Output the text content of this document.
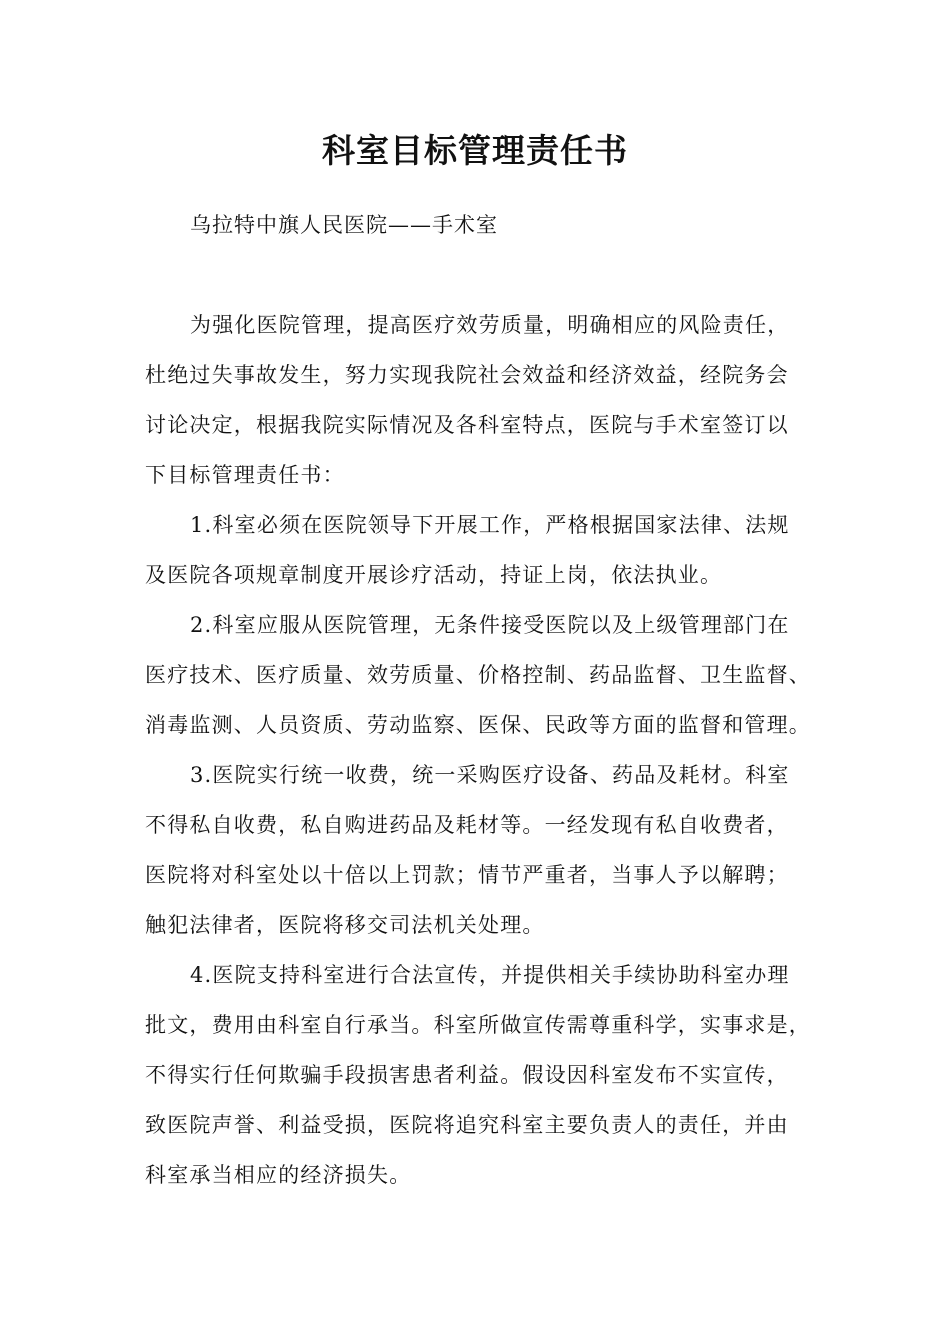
科室目标管理责任书

乌拉特中旗人民医院——手术室

为强化医院管理，提高医疗效劳质量，明确相应的风险责任，

杜绝过失事故发生，努力实现我院社会效益和经济效益，经院务会

讨论决定，根据我院实际情况及各科室特点，医院与手术室签订以

下目标管理责任书：

1.科室必须在医院领导下开展工作，严格根据国家法律、法规

及医院各项规章制度开展诊疗活动，持证上岗，依法执业。

2.科室应服从医院管理，无条件接受医院以及上级管理部门在

医疗技术、医疗质量、效劳质量、价格控制、药品监督、卫生监督、

消毒监测、人员资质、劳动监察、医保、民政等方面的监督和管理。

3.医院实行统一收费，统一采购医疗设备、药品及耗材。科室

不得私自收费，私自购进药品及耗材等。一经发现有私自收费者，

医院将对科室处以十倍以上罚款；情节严重者，当事人予以解聘；

触犯法律者，医院将移交司法机关处理。

4.医院支持科室进行合法宣传，并提供相关手续协助科室办理

批文，费用由科室自行承当。科室所做宣传需尊重科学，实事求是，

不得实行任何欺骗手段损害患者利益。假设因科室发布不实宣传，

致医院声誉、利益受损，医院将追究科室主要负责人的责任，并由

科室承当相应的经济损失。
